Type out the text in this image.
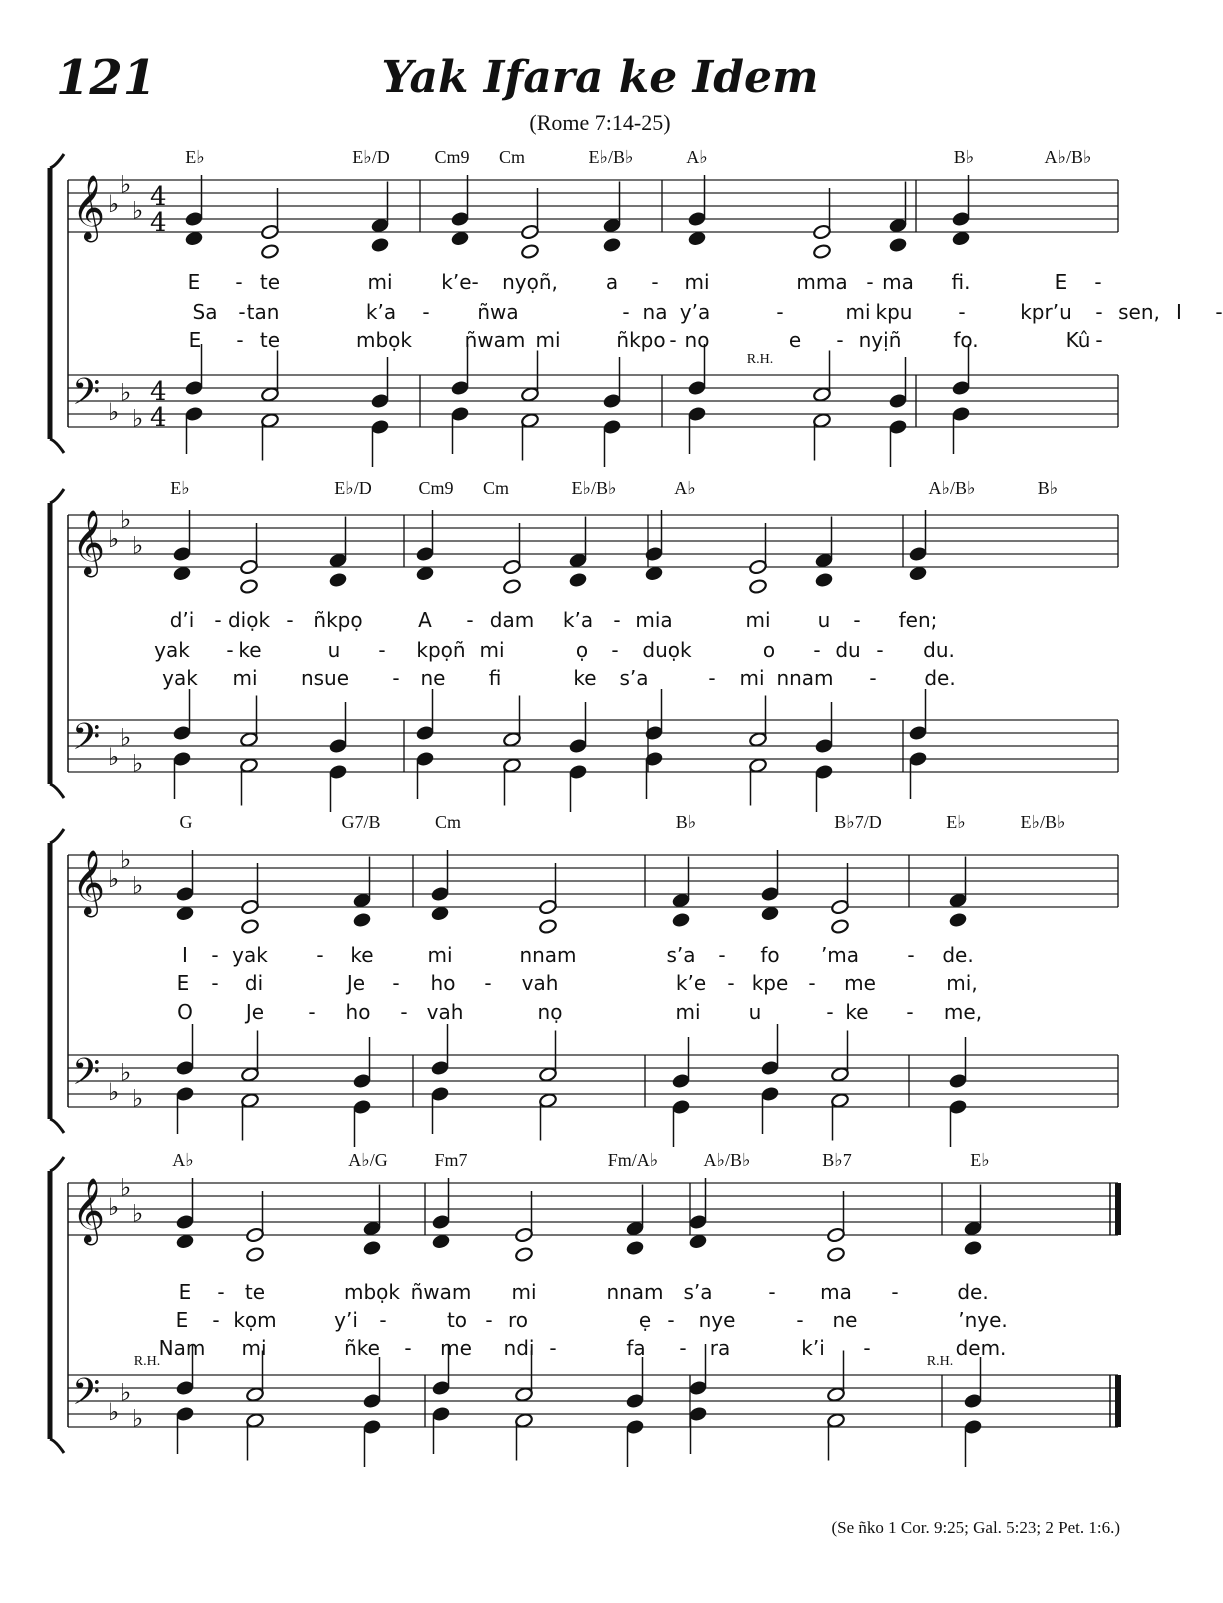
121	Yak Ifara ke Idem
(Rome 7:14-25)
𝄞
𝄢
♭
♭
♭
♭
♭
♭
4
4
4
4
𝄞
𝄢
♭
♭
♭
♭
♭
♭
𝄞
𝄢
♭
♭
♭
♭
♭
♭
𝄞
𝄢
♭
♭
♭
♭
♭
♭
E♭	E♭/D Cm9 Cm	E♭/B♭	A♭	B♭	A♭/B♭
E - te	mi k’e- nyọñ, a - mi	mma - ma fi.	E -
Sa - tan	k’a - ñwa	- na y’a	-	mi kpu -	kpr’u - sen, I -
E - te	mbọk	ñwam mi	ñkpo - no	e - nyịñ	fo.	Kû -
R.H.
E♭	E♭/D	Cm9 Cm	E♭/B♭	A♭	A♭/B♭	B♭
d’i - diọk - ñkpọ	A - dam k’a - mia	mi u - fen;
yak - ke	u - kpọñ mi	ọ - duọk	o - du - du.
yak mi nsue - ne fi	ke s’a	- mi nnam - de.
G	G7/B	Cm	B♭	B♭7/D	E♭	E♭/B♭
I - yak - ke	mi	nnam	s’a - fo ’ma - de.
E - di	Je - ho - vah	k’e - kpe - me	mi,
O	Je - ho - vah	nọ	mi u	- ke - me,
A♭	A♭/G	Fm7	Fm/A♭	A♭/B♭	B♭7	E♭
E - te	mbọk ñwam mi	nnam s’a	- ma -	de.
E - kọm	y’i -	to - ro	ẹ - nye	- ne	’nye.
Nam mi	ñke - me ndi -	fa - ra	k’i -	dem.
R.H.	R.H.
(Se ñko 1 Cor. 9:25; Gal. 5:23; 2 Pet. 1:6.)
